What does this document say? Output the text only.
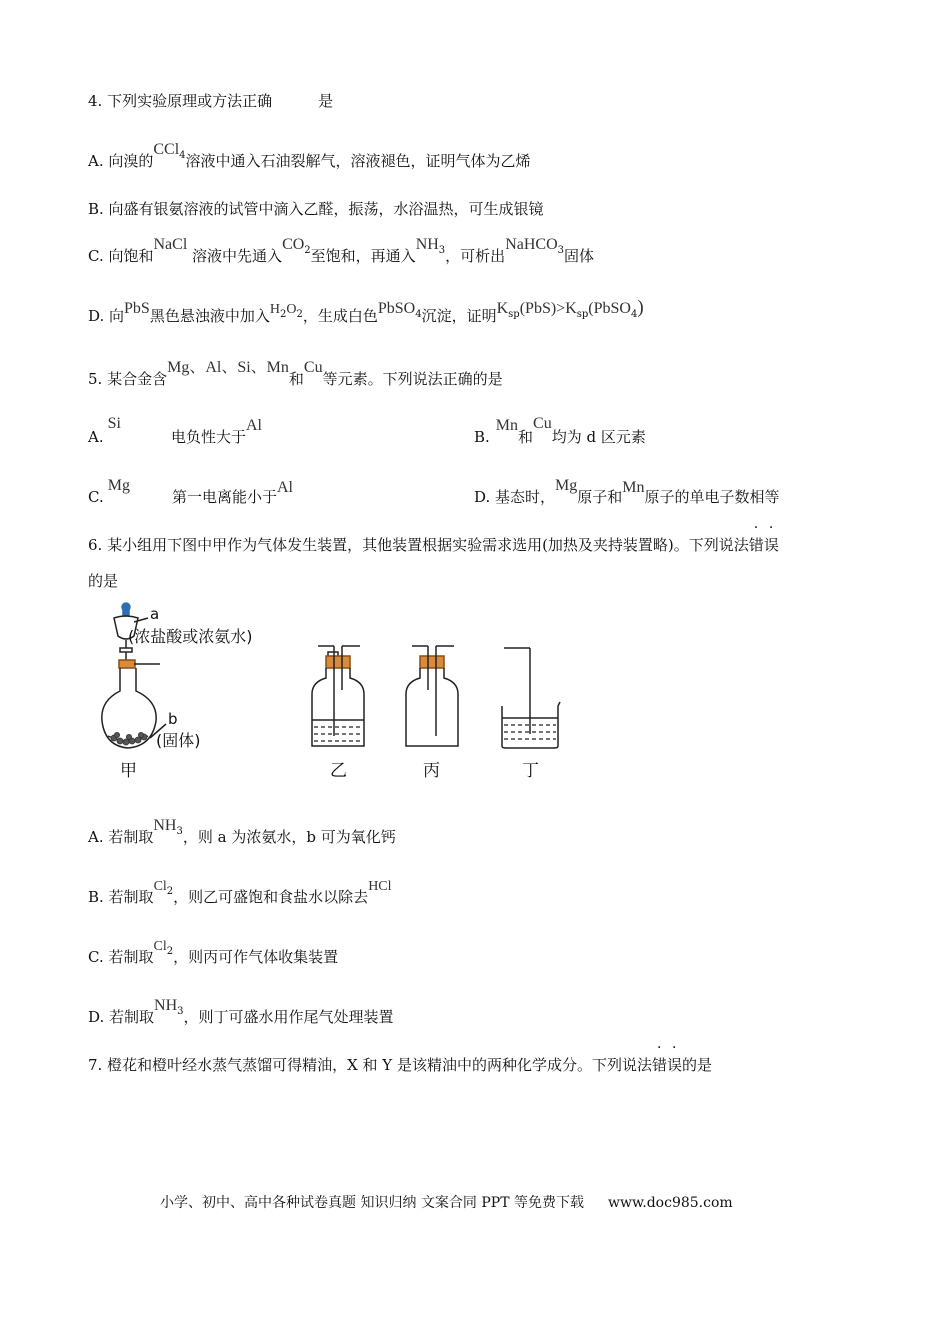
4. 下列实验原理或方法正确	是
A. 向溴的CCl$^4$溶液中通入石油裂解气，溶液褪色，证明气体为乙烯
B. 向盛有银氨溶液的试管中滴入乙醛，振荡，水浴温热，可生成银镜
C. 向饱和NaCl 溶液中先通入$CO^2$至饱和，再通入$NH^3$，可析出NaHCO$^3$固体
D. 向PbS黑色悬浊液中加入$H^2O^2$，生成白色PbSO$^4$沉淀，证明$K^{sp}(PbS)>K^{sp}(PbSO^4)$
5. 某合金含Mg、Al、Si、Mn和Cu等元素。下列说法正确的是
A.Si电负性大于Al
B.Mn和Cu均为 d 区元素
C.Mg第一电离能小于Al
D. 基态时，Mg原子和Mn原子的单电子数相等
6. 某小组用下图中甲作为气体发生装置，其他装置根据实验需求选用(加热及夹持装置略)。下列说法错误
的是
a
(浓盐酸或浓氨水)
b
(固体)
甲	乙	丙	丁
A. 若制取$NH^3$，则 a 为浓氨水，b 可为氧化钙
B. 若制取Cl$^2$，则乙可盛饱和食盐水以除去HCl
C. 若制取Cl$^2$，则丙可作气体收集装置
D. 若制取$NH^3$，则丁可盛水用作尾气处理装置
7. 橙花和橙叶经水蒸气蒸馏可得精油，X 和 Y 是该精油中的两种化学成分。下列说法错误的是
小学、初中、高中各种试卷真题 知识归纳 文案合同 PPT 等免费下载 www.doc985.com
